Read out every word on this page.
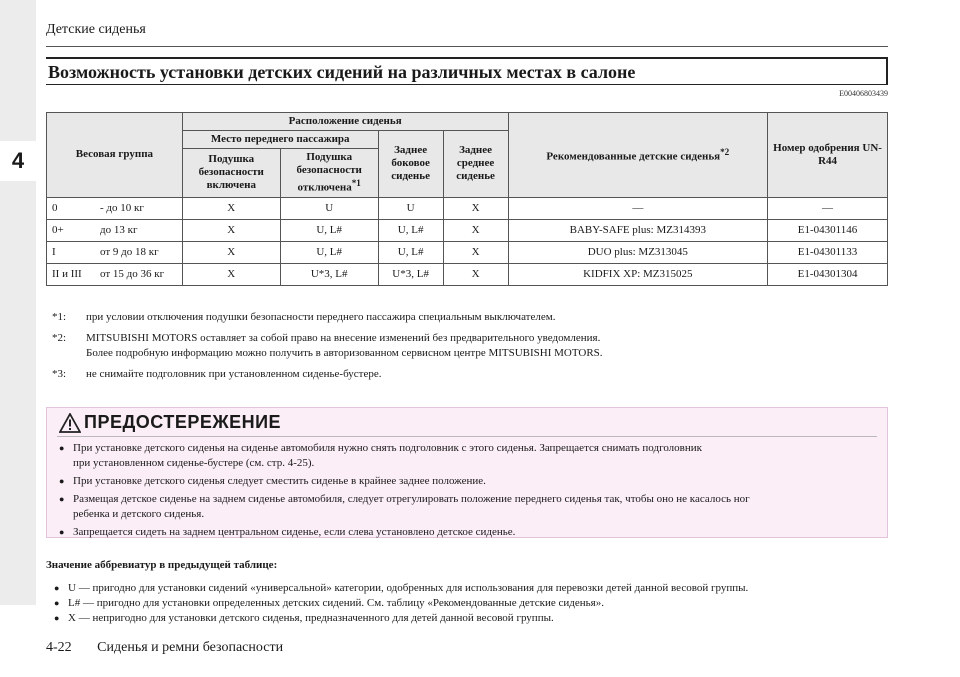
4
Детские сиденья
Возможность установки детских сидений на различных местах в салоне
E00406803439
Весовая группа	Расположение сиденья				Рекомендованные детские сиденья$^{*2}$	Номер одобрения UN-R44
	Место переднего пассажира		Заднее боковое сиденье	Заднее среднее сиденье		
	Подушка безопасности включена	Подушка безопасности отключена$^{*1}$

0 - до 10 кг	X	U	U	X	—	—

0+ до 13 кг	X	U, L#	U, L#	X	BABY-SAFE plus: MZ314393	E1-04301146

I от 9 до 18 кг	X	U, L#	U, L#	X	DUO plus: MZ313045	E1-04301133

II и III от 15 до 36 кг	X	U*3, L#	U*3, L#	X	KIDFIX XP: MZ315025	E1-04301304
*1:	при условии отключения подушки безопасности переднего пассажира специальным выключателем.
*2:	MITSUBISHI MOTORS оставляет за собой право на внесение изменений без предварительного уведомления.
Более подробную информацию можно получить в авторизованном сервисном центре MITSUBISHI MOTORS.
*3:	не снимайте подголовник при установленном сиденье-бустере.
ПРЕДОСТЕРЕЖЕНИЕ
●
При установке детского сиденья на сиденье автомобиля нужно снять подголовник с этого сиденья. Запрещается снимать подголовник
при установленном сиденье-бустере (см. стр. 4-25).
●
При установке детского сиденья следует сместить сиденье в крайнее заднее положение.
●
Размещая детское сиденье на заднем сиденье автомобиля, следует отрегулировать положение переднего сиденья так, чтобы оно не касалось ног
ребенка и детского сиденья.
●
Запрещается сидеть на заднем центральном сиденье, если слева установлено детское сиденье.
Значение аббревиатур в предыдущей таблице:
●
U — пригодно для установки сидений «универсальной» категории, одобренных для использования для перевозки детей данной весовой группы.
●
L# — пригодно для установки определенных детских сидений. См. таблицу «Рекомендованные детские сиденья».
●
X — непригодно для установки детского сиденья, предназначенного для детей данной весовой группы.
4-22 Сиденья и ремни безопасности
